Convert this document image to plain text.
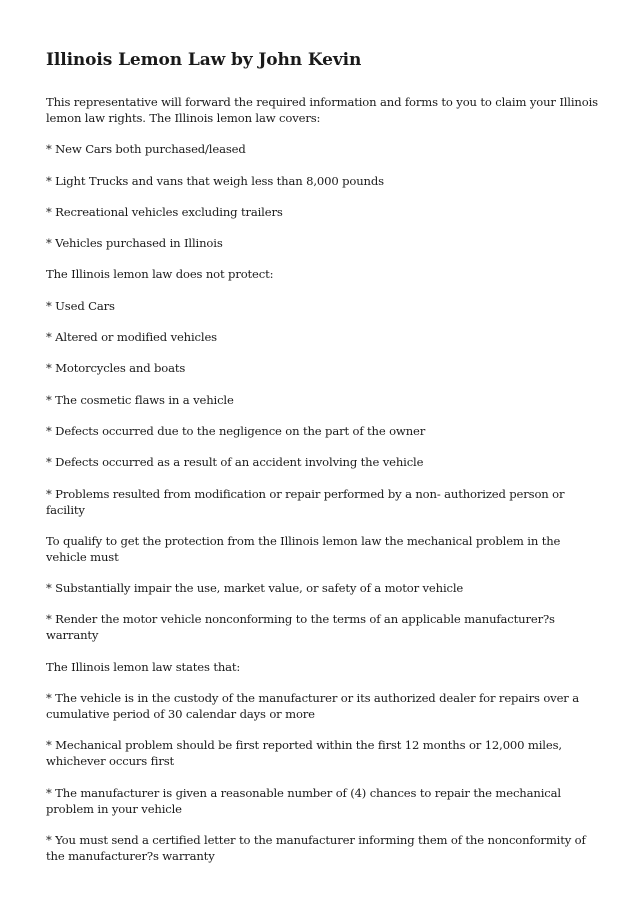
Illinois Lemon Law by John Kevin

This representative will forward the required information and forms to you to claim your Illinois lemon law rights. The Illinois lemon law covers:

* New Cars both purchased/leased

* Light Trucks and vans that weigh less than 8,000 pounds

* Recreational vehicles excluding trailers

* Vehicles purchased in Illinois

The Illinois lemon law does not protect:

* Used Cars

* Altered or modified vehicles

* Motorcycles and boats

* The cosmetic flaws in a vehicle

* Defects occurred due to the negligence on the part of the owner

* Defects occurred as a result of an accident involving the vehicle

* Problems resulted from modification or repair performed by a non- authorized person or facility

To qualify to get the protection from the Illinois lemon law the mechanical problem in the vehicle must

* Substantially impair the use, market value, or safety of a motor vehicle

* Render the motor vehicle nonconforming to the terms of an applicable manufacturer?s warranty

The Illinois lemon law states that:

* The vehicle is in the custody of the manufacturer or its authorized dealer for repairs over a cumulative period of 30 calendar days or more

* Mechanical problem should be first reported within the first 12 months or 12,000 miles, whichever occurs first

* The manufacturer is given a reasonable number of (4) chances to repair the mechanical problem in your vehicle

* You must send a certified letter to the manufacturer informing them of the nonconformity of the manufacturer?s warranty
